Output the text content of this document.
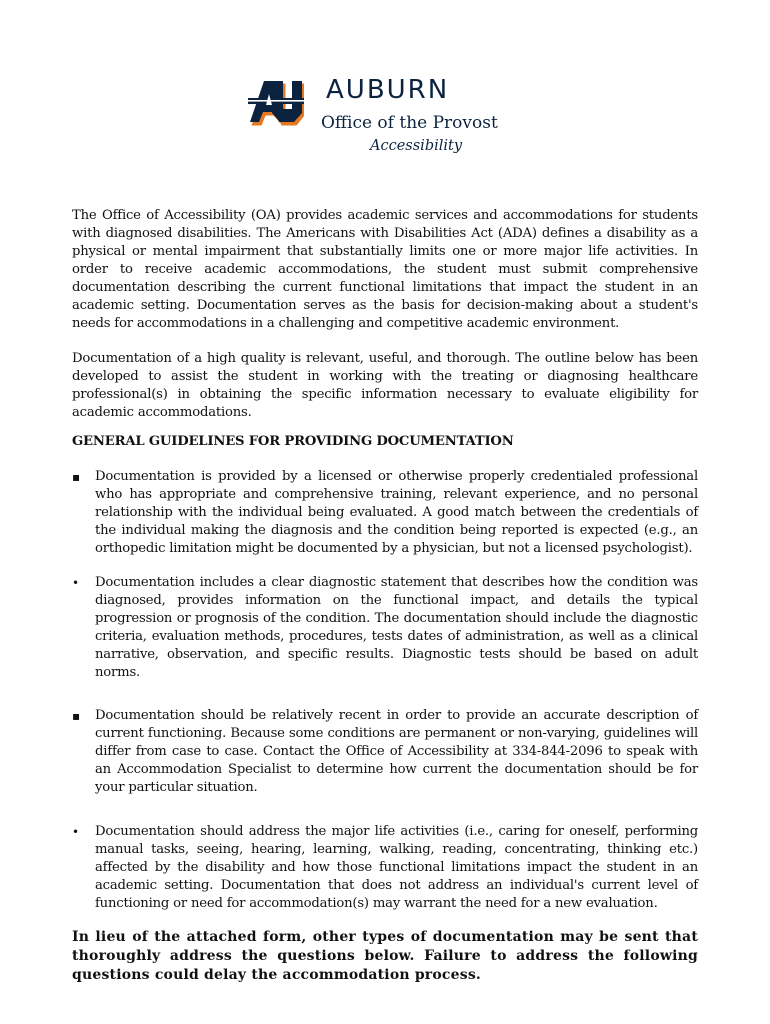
AUBURN
Office of the Provost
Accessibility

The Office of Accessibility (OA) provides academic services and accommodations for students with diagnosed disabilities. The Americans with Disabilities Act (ADA) defines a disability as a physical or mental impairment that substantially limits one or more major life activities. In order to receive academic accommodations, the student must submit comprehensive documentation describing the current functional limitations that impact the student in an academic setting. Documentation serves as the basis for decision-making about a student's needs for accommodations in a challenging and competitive academic environment.

Documentation of a high quality is relevant, useful, and thorough. The outline below has been developed to assist the student in working with the treating or diagnosing healthcare professional(s) in obtaining the specific information necessary to evaluate eligibility for academic accommodations.

GENERAL GUIDELINES FOR PROVIDING DOCUMENTATION
▪ Documentation is provided by a licensed or otherwise properly credentialed professional who has appropriate and comprehensive training, relevant experience, and no personal relationship with the individual being evaluated. A good match between the credentials of the individual making the diagnosis and the condition being reported is expected (e.g., an orthopedic limitation might be documented by a physician, but not a licensed psychologist).

• Documentation includes a clear diagnostic statement that describes how the condition was diagnosed, provides information on the functional impact, and details the typical progression or prognosis of the condition. The documentation should include the diagnostic criteria, evaluation methods, procedures, tests dates of administration, as well as a clinical narrative, observation, and specific results. Diagnostic tests should be based on adult norms.

▪ Documentation should be relatively recent in order to provide an accurate description of current functioning. Because some conditions are permanent or non-varying, guidelines will differ from case to case. Contact the Office of Accessibility at 334-844-2096 to speak with an Accommodation Specialist to determine how current the documentation should be for your particular situation.

• Documentation should address the major life activities (i.e., caring for oneself, performing manual tasks, seeing, hearing, learning, walking, reading, concentrating, thinking etc.) affected by the disability and how those functional limitations impact the student in an academic setting. Documentation that does not address an individual's current level of functioning or need for accommodation(s) may warrant the need for a new evaluation.

In lieu of the attached form, other types of documentation may be sent that thoroughly address the questions below. Failure to address the following questions could delay the accommodation process.
